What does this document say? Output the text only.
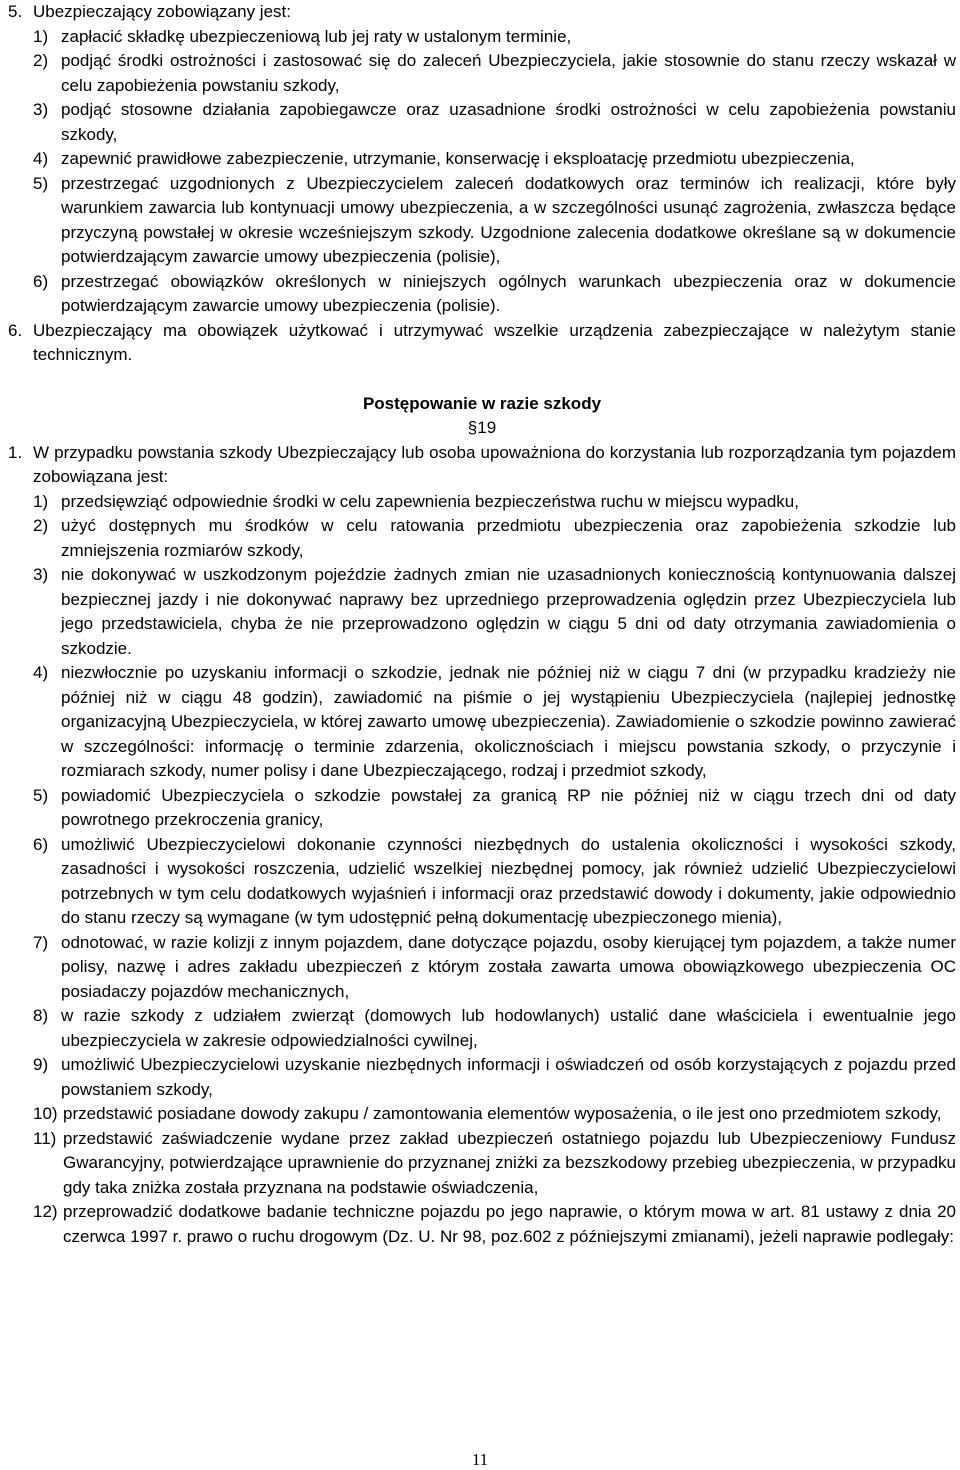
5. Ubezpieczający zobowiązany jest:
1) zapłacić składkę ubezpieczeniową lub jej raty w ustalonym terminie,
2) podjąć środki ostrożności i zastosować się do zaleceń Ubezpieczyciela, jakie stosownie do stanu rzeczy wskazał w celu zapobieżenia powstaniu szkody,
3) podjąć stosowne działania zapobiegawcze oraz uzasadnione środki ostrożności w celu zapobieżenia powstaniu szkody,
4) zapewnić prawidłowe zabezpieczenie, utrzymanie, konserwację i eksploatację przedmiotu ubezpieczenia,
5) przestrzegać uzgodnionych z Ubezpieczycielem zaleceń dodatkowych oraz terminów ich realizacji, które były warunkiem zawarcia lub kontynuacji umowy ubezpieczenia, a w szczególności usunąć zagrożenia, zwłaszcza będące przyczyną powstałej w okresie wcześniejszym szkody. Uzgodnione zalecenia dodatkowe określane są w dokumencie potwierdzającym zawarcie umowy ubezpieczenia (polisie),
6) przestrzegać obowiązków określonych w niniejszych ogólnych warunkach ubezpieczenia oraz w dokumencie potwierdzającym zawarcie umowy ubezpieczenia (polisie).
6. Ubezpieczający ma obowiązek użytkować i utrzymywać wszelkie urządzenia zabezpieczające w należytym stanie technicznym.
Postępowanie w razie szkody
§19
1. W przypadku powstania szkody Ubezpieczający lub osoba upoważniona do korzystania lub rozporządzania tym pojazdem zobowiązana jest:
1) przedsięwziąć odpowiednie środki w celu zapewnienia bezpieczeństwa ruchu w miejscu wypadku,
2) użyć dostępnych mu środków w celu ratowania przedmiotu ubezpieczenia oraz zapobieżenia szkodzie lub zmniejszenia rozmiarów szkody,
3) nie dokonywać w uszkodzonym pojeździe żadnych zmian nie uzasadnionych koniecznością kontynuowania dalszej bezpiecznej jazdy i nie dokonywać naprawy bez uprzedniego przeprowadzenia oględzin przez Ubezpieczyciela lub jego przedstawiciela, chyba że nie przeprowadzono oględzin w ciągu 5 dni od daty otrzymania zawiadomienia o szkodzie.
4) niezwłocznie po uzyskaniu informacji o szkodzie, jednak nie później niż w ciągu 7 dni (w przypadku kradzieży nie później niż w ciągu 48 godzin), zawiadomić na piśmie o jej wystąpieniu Ubezpieczyciela (najlepiej jednostkę organizacyjną Ubezpieczyciela, w której zawarto umowę ubezpieczenia). Zawiadomienie o szkodzie powinno zawierać w szczególności: informację o terminie zdarzenia, okolicznościach i miejscu powstania szkody, o przyczynie i rozmiarach szkody, numer polisy i dane Ubezpieczającego, rodzaj i przedmiot szkody,
5) powiadomić Ubezpieczyciela o szkodzie powstałej za granicą RP nie później niż w ciągu trzech dni od daty powrotnego przekroczenia granicy,
6) umożliwić Ubezpieczycielowi dokonanie czynności niezbędnych do ustalenia okoliczności i wysokości szkody, zasadności i wysokości roszczenia, udzielić wszelkiej niezbędnej pomocy, jak również udzielić Ubezpieczycielowi potrzebnych w tym celu dodatkowych wyjaśnień i informacji oraz przedstawić dowody i dokumenty, jakie odpowiednio do stanu rzeczy są wymagane (w tym udostępnić pełną dokumentację ubezpieczonego mienia),
7) odnotować, w razie kolizji z innym pojazdem, dane dotyczące pojazdu, osoby kierującej tym pojazdem, a także numer polisy, nazwę i adres zakładu ubezpieczeń z którym została zawarta umowa obowiązkowego ubezpieczenia OC posiadaczy pojazdów mechanicznych,
8) w razie szkody z udziałem zwierząt (domowych lub hodowlanych) ustalić dane właściciela i ewentualnie jego ubezpieczyciela w zakresie odpowiedzialności cywilnej,
9) umożliwić Ubezpieczycielowi uzyskanie niezbędnych informacji i oświadczeń od osób korzystających z pojazdu przed powstaniem szkody,
10) przedstawić posiadane dowody zakupu / zamontowania elementów wyposażenia, o ile jest ono przedmiotem szkody,
11) przedstawić zaświadczenie wydane przez zakład ubezpieczeń ostatniego pojazdu lub Ubezpieczeniowy Fundusz Gwarancyjny, potwierdzające uprawnienie do przyznanej zniżki za bezszkodowy przebieg ubezpieczenia, w przypadku gdy taka zniżka została przyznana na podstawie oświadczenia,
12) przeprowadzić dodatkowe badanie techniczne pojazdu po jego naprawie, o którym mowa w art. 81 ustawy z dnia 20 czerwca 1997 r. prawo o ruchu drogowym (Dz. U. Nr 98, poz.602 z późniejszymi zmianami), jeżeli naprawie podlegały:
11
